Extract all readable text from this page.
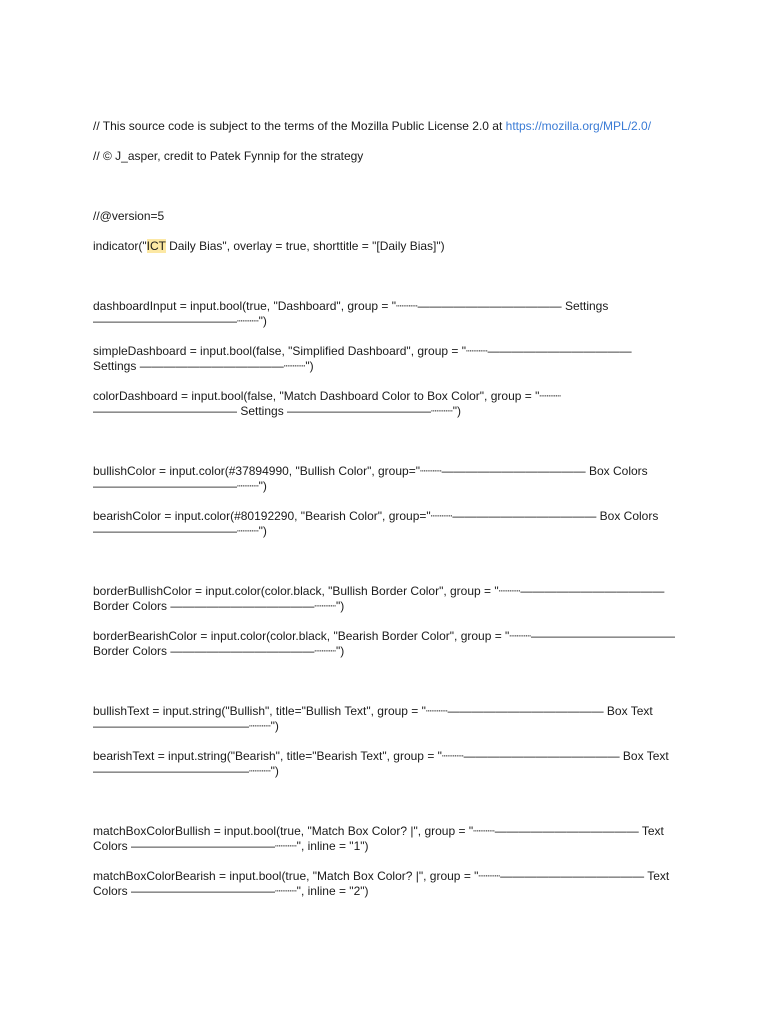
// This source code is subject to the terms of the Mozilla Public License 2.0 at https://mozilla.org/MPL/2.0/

// © J_asper, credit to Patek Fynnip for the strategy

//@version=5

indicator("ICT Daily Bias", overlay = true, shorttitle = "[Daily Bias]")

dashboardInput = input.bool(true, "Dashboard", group = "┈┈┈———————————— Settings ————————————┈┈┈")

simpleDashboard = input.bool(false, "Simplified Dashboard", group = "┈┈┈———————————— Settings ————————————┈┈┈")

colorDashboard = input.bool(false, "Match Dashboard Color to Box Color", group = "┈┈┈———————————— Settings ————————————┈┈┈")

bullishColor = input.color(#37894990, "Bullish Color", group="┈┈┈———————————— Box Colors ————————————┈┈┈")

bearishColor = input.color(#80192290, "Bearish Color", group="┈┈┈———————————— Box Colors ————————————┈┈┈")

borderBullishColor = input.color(color.black, "Bullish Border Color", group = "┈┈┈———————————— Border Colors ————————————┈┈┈")

borderBearishColor = input.color(color.black, "Bearish Border Color", group = "┈┈┈———————————— Border Colors ————————————┈┈┈")

bullishText = input.string("Bullish", title="Bullish Text", group = "┈┈┈————————————— Box Text —————————————┈┈┈")

bearishText = input.string("Bearish", title="Bearish Text", group = "┈┈┈————————————— Box Text —————————————┈┈┈")

matchBoxColorBullish = input.bool(true, "Match Box Color? |", group = "┈┈┈———————————— Text Colors ————————————┈┈┈", inline = "1")

matchBoxColorBearish = input.bool(true, "Match Box Color? |", group = "┈┈┈———————————— Text Colors ————————————┈┈┈", inline = "2")
